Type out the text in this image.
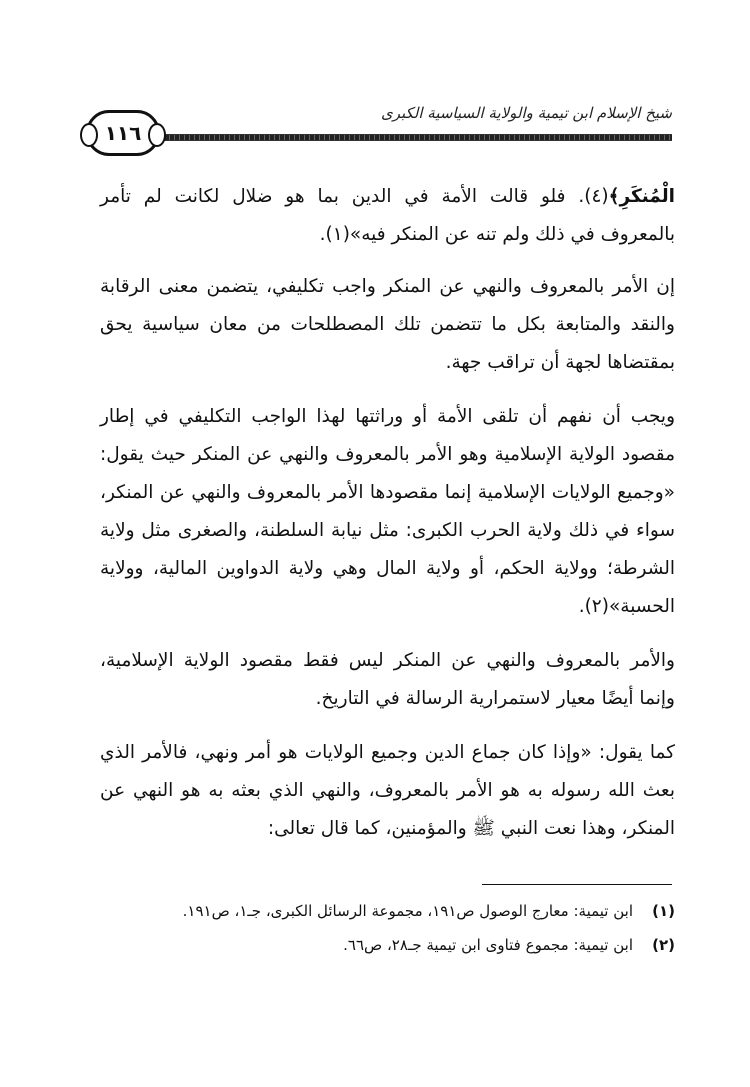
شيخ الإسلام ابن تيمية والولاية السياسية الكبرى
١١٦

الْمُنكَرِ﴾(٤). فلو قالت الأمة في الدين بما هو ضلال لكانت لم تأمر بالمعروف في ذلك ولم تنه عن المنكر فيه»(١).

إن الأمر بالمعروف والنهي عن المنكر واجب تكليفي، يتضمن معنى الرقابة والنقد والمتابعة بكل ما تتضمن تلك المصطلحات من معان سياسية يحق بمقتضاها لجهة أن تراقب جهة.

ويجب أن نفهم أن تلقى الأمة أو وراثتها لهذا الواجب التكليفي في إطار مقصود الولاية الإسلامية وهو الأمر بالمعروف والنهي عن المنكر حيث يقول: «وجميع الولايات الإسلامية إنما مقصودها الأمر بالمعروف والنهي عن المنكر، سواء في ذلك ولاية الحرب الكبرى: مثل نيابة السلطنة، والصغرى مثل ولاية الشرطة؛ وولاية الحكم، أو ولاية المال وهي ولاية الدواوين المالية، وولاية الحسبة»(٢).

والأمر بالمعروف والنهي عن المنكر ليس فقط مقصود الولاية الإسلامية، وإنما أيضًا معيار لاستمرارية الرسالة في التاريخ.

كما يقول: «وإذا كان جماع الدين وجميع الولايات هو أمر ونهي، فالأمر الذي بعث الله رسوله به هو الأمر بالمعروف، والنهي الذي بعثه به هو النهي عن المنكر، وهذا نعت النبي ﷺ والمؤمنين، كما قال تعالى:

(١)
ابن تيمية: معارج الوصول ص١٩١، مجموعة الرسائل الكبرى، جـ١، ص١٩١.
(٢)
ابن تيمية: مجموع فتاوى ابن تيمية جـ٢٨، ص٦٦.
